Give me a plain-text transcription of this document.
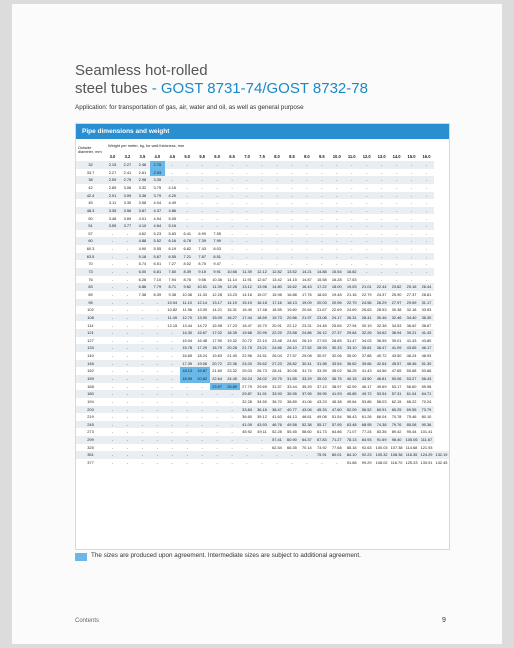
Seamless hot-rolled
steel tubes - GOST 8731-74/GOST 8732-78
Application: for transportation of gas, air, water and oil, as well as general purpose
Pipe dimensions and weight
Outside diameter, mm	Weight per meter, kg, for wall thickness, mm																						
	3.0	3.2	3.5	4.0	4.5	5.0	5.5	6.0	6.5	7.0	7.5	8.0	8.5	9.0	9.5	10.0	11.0	12.0	13.0	14.0	15.0	16.0	
32	2.15	2.27	2.46	2.76	-	-	-	-	-	-	-	-	-	-	-	-	-	-	-	-	-	-	
33.7	2.27	2.41	2.61	2.93	-	-	-	-	-	-	-	-	-	-	-	-	-	-	-	-	-	-	
38	2.59	2.75	2.98	3.35	-	-	-	-	-	-	-	-	-	-	-	-	-	-	-	-	-	-	
42	2.89	3.06	3.32	3.75	4.16	-	-	-	-	-	-	-	-	-	-	-	-	-	-	-	-	-	
42.4	2.91	3.09	3.36	3.79	4.20	-	-	-	-	-	-	-	-	-	-	-	-	-	-	-	-	-	
45	3.11	3.30	3.58	4.04	4.49	-	-	-	-	-	-	-	-	-	-	-	-	-	-	-	-	-	
48.3	3.35	3.56	3.87	4.37	4.86	-	-	-	-	-	-	-	-	-	-	-	-	-	-	-	-	-	
50	3.48	3.69	4.01	4.54	5.05	-	-	-	-	-	-	-	-	-	-	-	-	-	-	-	-	-	
51	3.55	3.77	4.10	4.64	5.16	-	-	-	-	-	-	-	-	-	-	-	-	-	-	-	-	-	
57	-	-	4.62	5.23	5.83	6.41	6.99	7.55	-	-	-	-	-	-	-	-	-	-	-	-	-	-	
60	-	-	4.88	5.52	6.16	6.78	7.39	7.99	-	-	-	-	-	-	-	-	-	-	-	-	-	-	
60.3	-	-	4.90	5.55	6.19	6.82	7.43	8.03	-	-	-	-	-	-	-	-	-	-	-	-	-	-	
63.5	-	-	5.18	5.87	6.55	7.21	7.87	8.51	-	-	-	-	-	-	-	-	-	-	-	-	-	-	
70	-	-	5.74	6.51	7.27	8.02	8.75	9.47	-	-	-	-	-	-	-	-	-	-	-	-	-	-	
73	-	-	6.00	6.81	7.60	8.39	9.16	9.91	10.66	11.39	12.12	12.82	13.52	14.21	14.88	15.54	16.82	-	-	-	-	-	
76	-	-	6.26	7.10	7.94	8.76	9.56	10.36	11.14	11.91	12.67	13.42	14.15	14.87	15.58	16.28	17.63	-	-	-	-	-	
83	-	-	6.86	7.79	8.71	9.62	10.51	11.39	12.26	13.12	13.96	14.80	15.62	16.43	17.22	18.00	19.53	21.01	22.44	23.82	25.16	26.44	
89	-	-	7.38	8.39	9.38	10.36	11.33	12.28	13.23	14.16	15.07	15.98	16.88	17.76	18.63	19.48	21.16	22.79	24.37	25.90	27.37	28.81	
95	-	-	-	-	10.04	11.10	12.14	13.17	14.19	15.19	16.18	17.16	18.13	19.09	20.03	20.96	22.79	24.56	26.29	27.97	29.59	31.17	
102	-	-	-	-	10.82	11.96	13.09	14.21	15.31	16.40	17.48	18.55	19.60	20.64	21.67	22.69	24.69	26.63	28.53	30.38	32.18	33.93	
108	-	-	-	-	11.49	12.70	13.90	15.09	16.27	17.44	18.59	19.73	20.86	21.97	23.08	24.17	26.31	28.41	30.46	32.46	34.40	36.30	
114	-	-	-	-	12.15	13.44	14.72	15.98	17.23	18.47	19.70	20.91	22.12	23.31	24.48	25.65	27.94	30.19	32.38	34.53	36.62	38.67	
121	-	-	-	-	-	14.30	15.67	17.02	18.35	19.68	20.99	22.29	23.58	24.86	26.12	27.37	29.84	32.26	34.62	36.94	39.21	41.43	
127	-	-	-	-	-	15.04	16.48	17.90	19.32	20.72	22.10	23.48	24.84	26.19	27.53	28.85	31.47	34.03	36.55	39.01	41.43	43.80	
133	-	-	-	-	-	15.78	17.29	18.79	20.28	21.75	23.21	24.66	26.10	27.52	28.93	30.33	33.10	35.81	38.47	41.09	43.65	46.17	
140	-	-	-	-	-	16.65	18.24	19.83	21.40	22.96	24.51	26.04	27.57	29.08	30.57	32.06	35.00	37.88	40.72	43.50	46.24	48.93	
146	-	-	-	-	-	17.39	19.06	20.72	22.36	24.00	25.62	27.23	28.82	30.41	31.98	33.54	36.62	39.66	42.64	45.57	48.46	51.30	
152	-	-	-	-	-	18.13	19.87	21.60	23.32	25.03	26.73	28.41	30.08	31.74	33.39	35.02	38.25	41.43	44.56	47.65	50.68	53.66	
159	-	-	-	-	-	18.99	20.82	22.64	24.45	26.24	28.02	29.79	31.55	33.29	35.03	36.75	40.15	43.50	46.81	50.06	53.27	56.43	
168	-	-	-	-	-	-	-	23.97	25.89	27.79	29.69	31.57	33.44	35.29	37.13	38.97	42.59	46.17	49.69	53.17	56.60	59.98	
180	-	-	-	-	-	-	-	-	-	29.87	31.91	33.93	35.95	37.95	39.95	41.93	45.85	49.72	53.54	57.31	61.04	64.71	
194	-	-	-	-	-	-	-	-	-	32.28	34.50	36.70	38.89	41.06	43.23	45.38	49.64	53.86	58.03	62.15	66.22	70.24	
203	-	-	-	-	-	-	-	-	-	33.84	36.16	38.47	40.77	43.06	45.33	47.60	52.09	56.52	60.91	65.25	69.55	73.79	
219	-	-	-	-	-	-	-	-	-	36.60	39.12	41.63	44.13	46.61	49.08	51.54	56.43	61.26	66.04	70.78	75.46	80.10	
245	-	-	-	-	-	-	-	-	-	41.09	43.93	46.76	49.58	52.38	55.17	57.95	63.48	68.95	74.38	79.76	85.08	90.36	
273	-	-	-	-	-	-	-	-	-	45.92	49.11	52.28	55.45	58.60	61.73	64.86	71.07	77.24	83.36	89.42	95.44	101.41	
299	-	-	-	-	-	-	-	-	-	-	-	57.41	60.90	64.37	67.83	71.27	78.13	84.93	91.69	98.40	105.06	111.67	
325	-	-	-	-	-	-	-	-	-	-	-	62.54	66.35	70.14	73.92	77.68	85.18	92.63	100.03	107.38	114.68	121.93	
351	-	-	-	-	-	-	-	-	-	-	-	-	-	-	75.91	80.01	84.10	92.23	100.32	108.36	116.35	124.29	132.19
377	-	-	-	-	-	-	-	-	-	-	-	-	-	-	-	-	91.68	99.29	108.02	116.70	125.33	133.91	142.45
The sizes are produced upon agreement. Intermediate sizes are subject to additional agreement.
Contents	9
